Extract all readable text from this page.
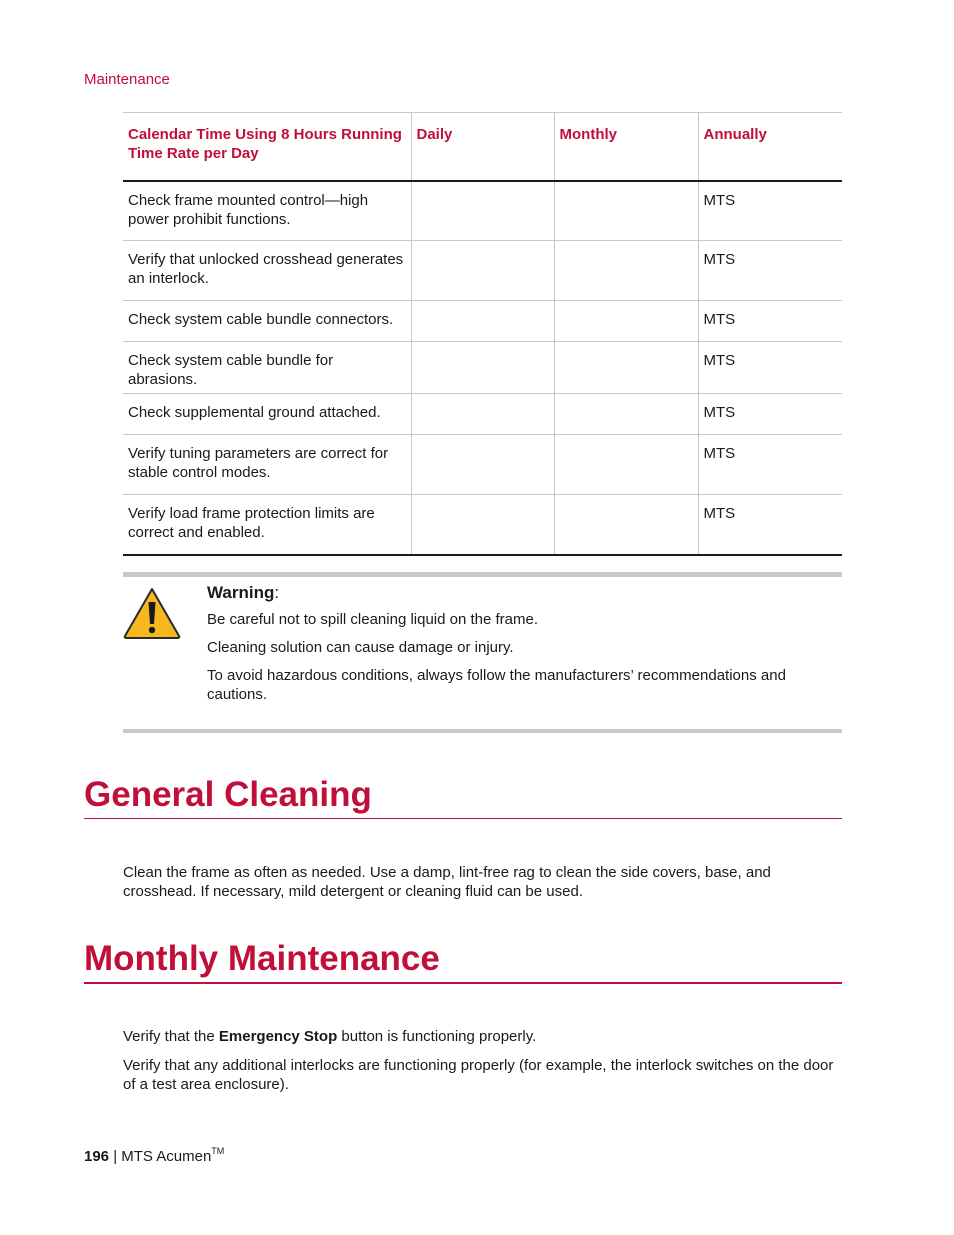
Maintenance
Calendar Time Using 8 Hours Running Time Rate per Day	Daily	Monthly	Annually
Check frame mounted control—high power prohibit functions.			MTS
Verify that unlocked crosshead generates an interlock.			MTS
Check system cable bundle connectors.			MTS
Check system cable bundle for abrasions.			MTS
Check supplemental ground attached.			MTS
Verify tuning parameters are correct for stable control modes.			MTS
Verify load frame protection limits are correct and enabled.			MTS
Warning:

Be careful not to spill cleaning liquid on the frame.

Cleaning solution can cause damage or injury.

To avoid hazardous conditions, always follow the manufacturers’ recommendations and cautions.

General Cleaning

Clean the frame as often as needed. Use a damp, lint-free rag to clean the side covers, base, and crosshead. If necessary, mild detergent or cleaning fluid can be used.

Monthly Maintenance

Verify that the Emergency Stop button is functioning properly.

Verify that any additional interlocks are functioning properly (for example, the interlock switches on the door of a test area enclosure).

196 | MTS Acumen™
